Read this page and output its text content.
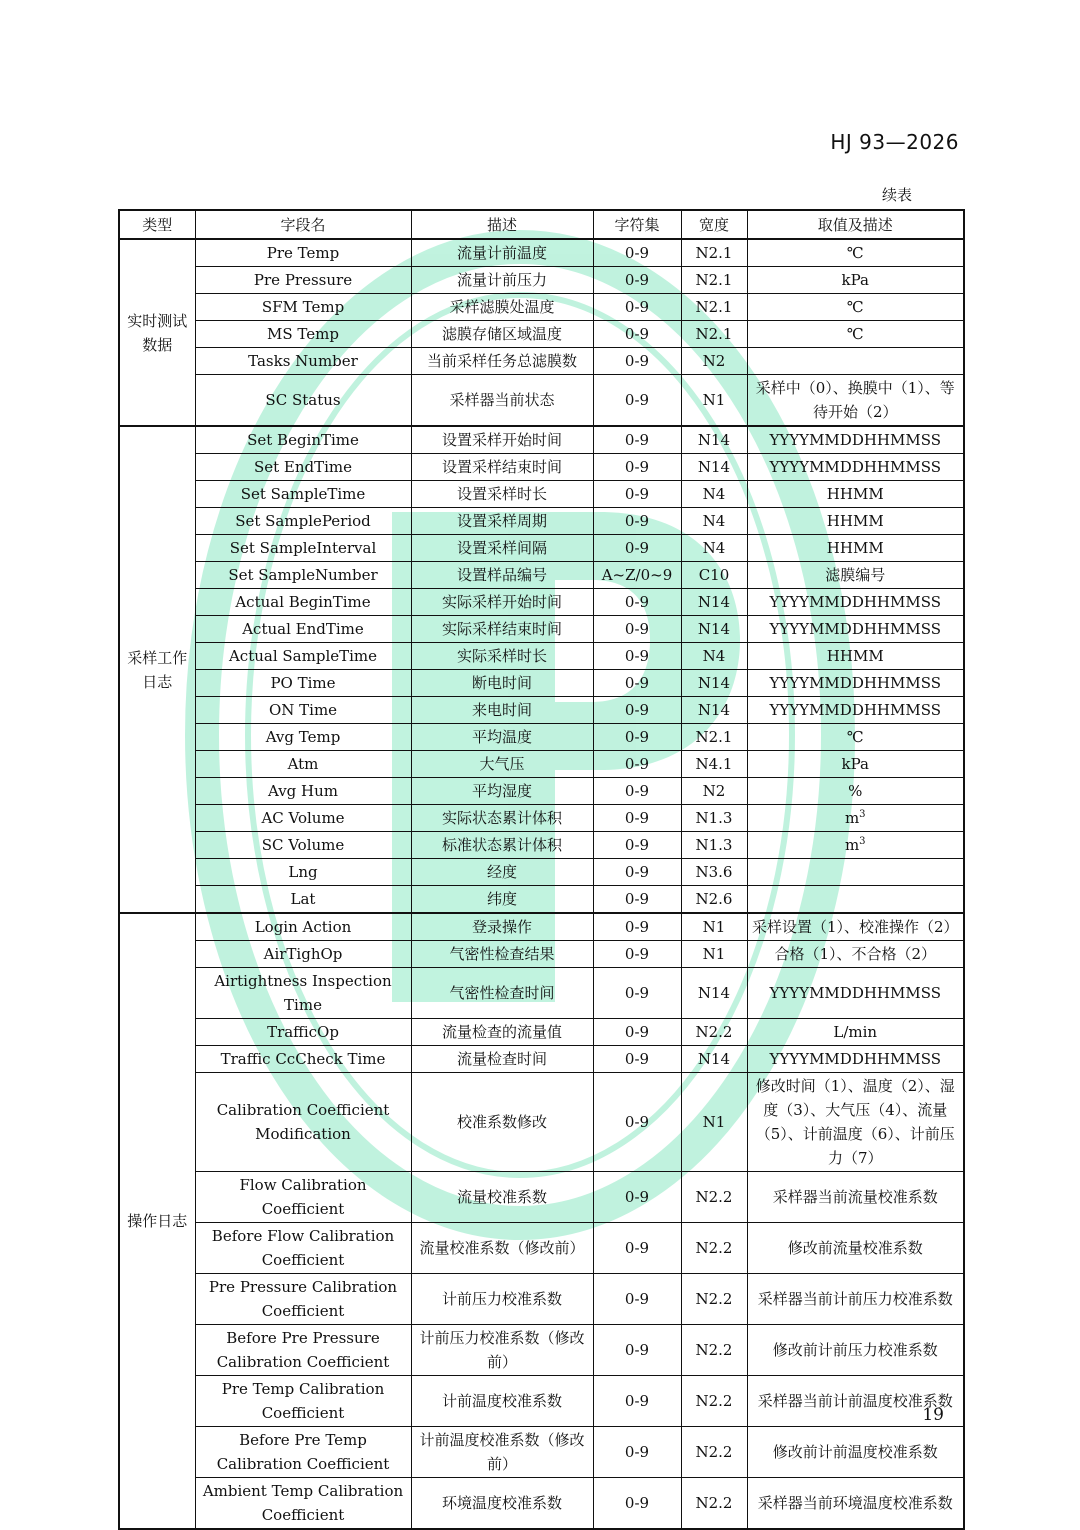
HJ 93—2026
续表
类型	字段名	描述	字符集	宽度	取值及描述
实时测试数据	Pre Temp	流量计前温度	0-9	N2.1	℃
	Pre Pressure	流量计前压力	0-9	N2.1	kPa
	SFM Temp	采样滤膜处温度	0-9	N2.1	℃
	MS Temp	滤膜存储区域温度	0-9	N2.1	℃
	Tasks Number	当前采样任务总滤膜数	0-9	N2	
	SC Status	采样器当前状态	0-9	N1	采样中（0）、换膜中（1）、等待开始（2）
采样工作日志	Set BeginTime	设置采样开始时间	0-9	N14	YYYYMMDDHHMMSS
	Set EndTime	设置采样结束时间	0-9	N14	YYYYMMDDHHMMSS
	Set SampleTime	设置采样时长	0-9	N4	HHMM
	Set SamplePeriod	设置采样周期	0-9	N4	HHMM
	Set SampleInterval	设置采样间隔	0-9	N4	HHMM
	Set SampleNumber	设置样品编号	A~Z/0~9	C10	滤膜编号
	Actual BeginTime	实际采样开始时间	0-9	N14	YYYYMMDDHHMMSS
	Actual EndTime	实际采样结束时间	0-9	N14	YYYYMMDDHHMMSS
	Actual SampleTime	实际采样时长	0-9	N4	HHMM
	PO Time	断电时间	0-9	N14	YYYYMMDDHHMMSS
	ON Time	来电时间	0-9	N14	YYYYMMDDHHMMSS
	Avg Temp	平均温度	0-9	N2.1	℃
	Atm	大气压	0-9	N4.1	kPa
	Avg Hum	平均湿度	0-9	N2	%
	AC Volume	实际状态累计体积	0-9	N1.3	$m^3$
	SC Volume	标准状态累计体积	0-9	N1.3	$m^3$
	Lng	经度	0-9	N3.6	
	Lat	纬度	0-9	N2.6	
操作日志	Login Action	登录操作	0-9	N1	采样设置（1）、校准操作（2）
	AirTighOp	气密性检查结果	0-9	N1	合格（1）、不合格（2）
	Airtightness Inspection Time	气密性检查时间	0-9	N14	YYYYMMDDHHMMSS
	TrafficOp	流量检查的流量值	0-9	N2.2	L/min
	Traffic CcCheck Time	流量检查时间	0-9	N14	YYYYMMDDHHMMSS
	Calibration Coefficient Modification	校准系数修改	0-9	N1	修改时间（1）、温度（2）、湿度（3）、大气压（4）、流量（5）、计前温度（6）、计前压力（7）
	Flow Calibration Coefficient	流量校准系数	0-9	N2.2	采样器当前流量校准系数
	Before Flow Calibration Coefficient	流量校准系数（修改前）	0-9	N2.2	修改前流量校准系数
	Pre Pressure Calibration Coefficient	计前压力校准系数	0-9	N2.2	采样器当前计前压力校准系数
	Before Pre Pressure Calibration Coefficient	计前压力校准系数（修改前）	0-9	N2.2	修改前计前压力校准系数
	Pre Temp Calibration Coefficient	计前温度校准系数	0-9	N2.2	采样器当前计前温度校准系数
	Before Pre Temp Calibration Coefficient	计前温度校准系数（修改前）	0-9	N2.2	修改前计前温度校准系数
	Ambient Temp Calibration Coefficient	环境温度校准系数	0-9	N2.2	采样器当前环境温度校准系数
19
